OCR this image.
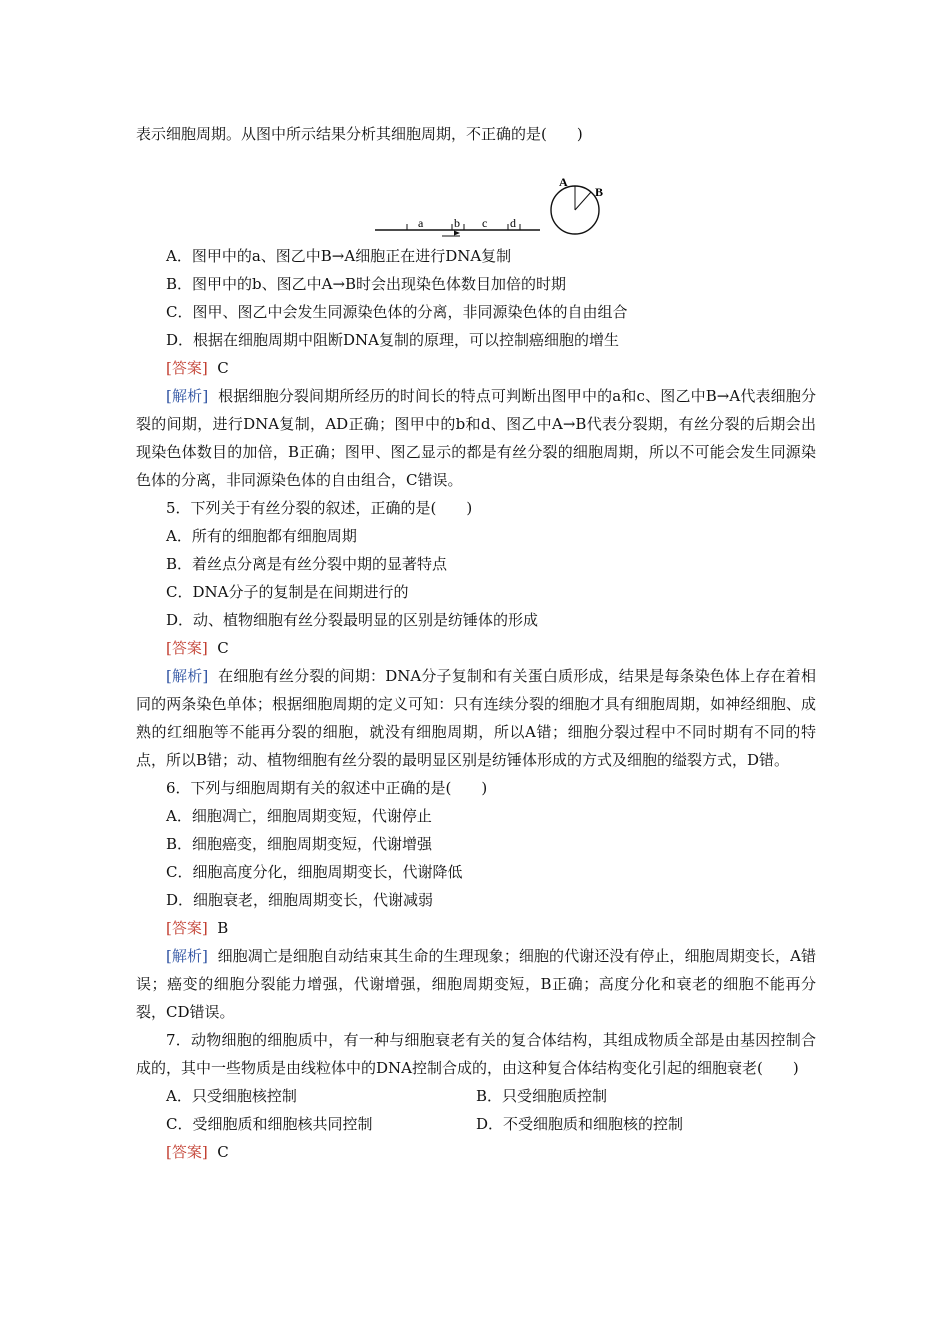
表示细胞周期。从图中所示结果分析其细胞周期，不正确的是(　　)
a	b c d
A
B
A．图甲中的a、图乙中B→A细胞正在进行DNA复制
B．图甲中的b、图乙中A→B时会出现染色体数目加倍的时期
C．图甲、图乙中会发生同源染色体的分离，非同源染色体的自由组合
D．根据在细胞周期中阻断DNA复制的原理，可以控制癌细胞的增生
[答案] C
[解析] 根据细胞分裂间期所经历的时间长的特点可判断出图甲中的a和c、图乙中B→A代表细胞分裂的间期，进行DNA复制，AD正确；图甲中的b和d、图乙中A→B代表分裂期，有丝分裂的后期会出现染色体数目的加倍，B正确；图甲、图乙显示的都是有丝分裂的细胞周期，所以不可能会发生同源染色体的分离，非同源染色体的自由组合，C错误。
5．下列关于有丝分裂的叙述，正确的是(　　)
A．所有的细胞都有细胞周期
B．着丝点分离是有丝分裂中期的显著特点
C．DNA分子的复制是在间期进行的
D．动、植物细胞有丝分裂最明显的区别是纺锤体的形成
[答案] C
[解析] 在细胞有丝分裂的间期：DNA分子复制和有关蛋白质形成，结果是每条染色体上存在着相同的两条染色单体；根据细胞周期的定义可知：只有连续分裂的细胞才具有细胞周期，如神经细胞、成熟的红细胞等不能再分裂的细胞，就没有细胞周期，所以A错；细胞分裂过程中不同时期有不同的特点，所以B错；动、植物细胞有丝分裂的最明显区别是纺锤体形成的方式及细胞的缢裂方式，D错。
6．下列与细胞周期有关的叙述中正确的是(　　)
A．细胞凋亡，细胞周期变短，代谢停止
B．细胞癌变，细胞周期变短，代谢增强
C．细胞高度分化，细胞周期变长，代谢降低
D．细胞衰老，细胞周期变长，代谢减弱
[答案] B
[解析] 细胞凋亡是细胞自动结束其生命的生理现象；细胞的代谢还没有停止，细胞周期变长，A错误；癌变的细胞分裂能力增强，代谢增强，细胞周期变短，B正确；高度分化和衰老的细胞不能再分裂，CD错误。
7．动物细胞的细胞质中，有一种与细胞衰老有关的复合体结构，其组成物质全部是由基因控制合成的，其中一些物质是由线粒体中的DNA控制合成的，由这种复合体结构变化引起的细胞衰老(　　)
A．只受细胞核控制	B．只受细胞质控制
C．受细胞质和细胞核共同控制	D．不受细胞质和细胞核的控制
[答案] C
